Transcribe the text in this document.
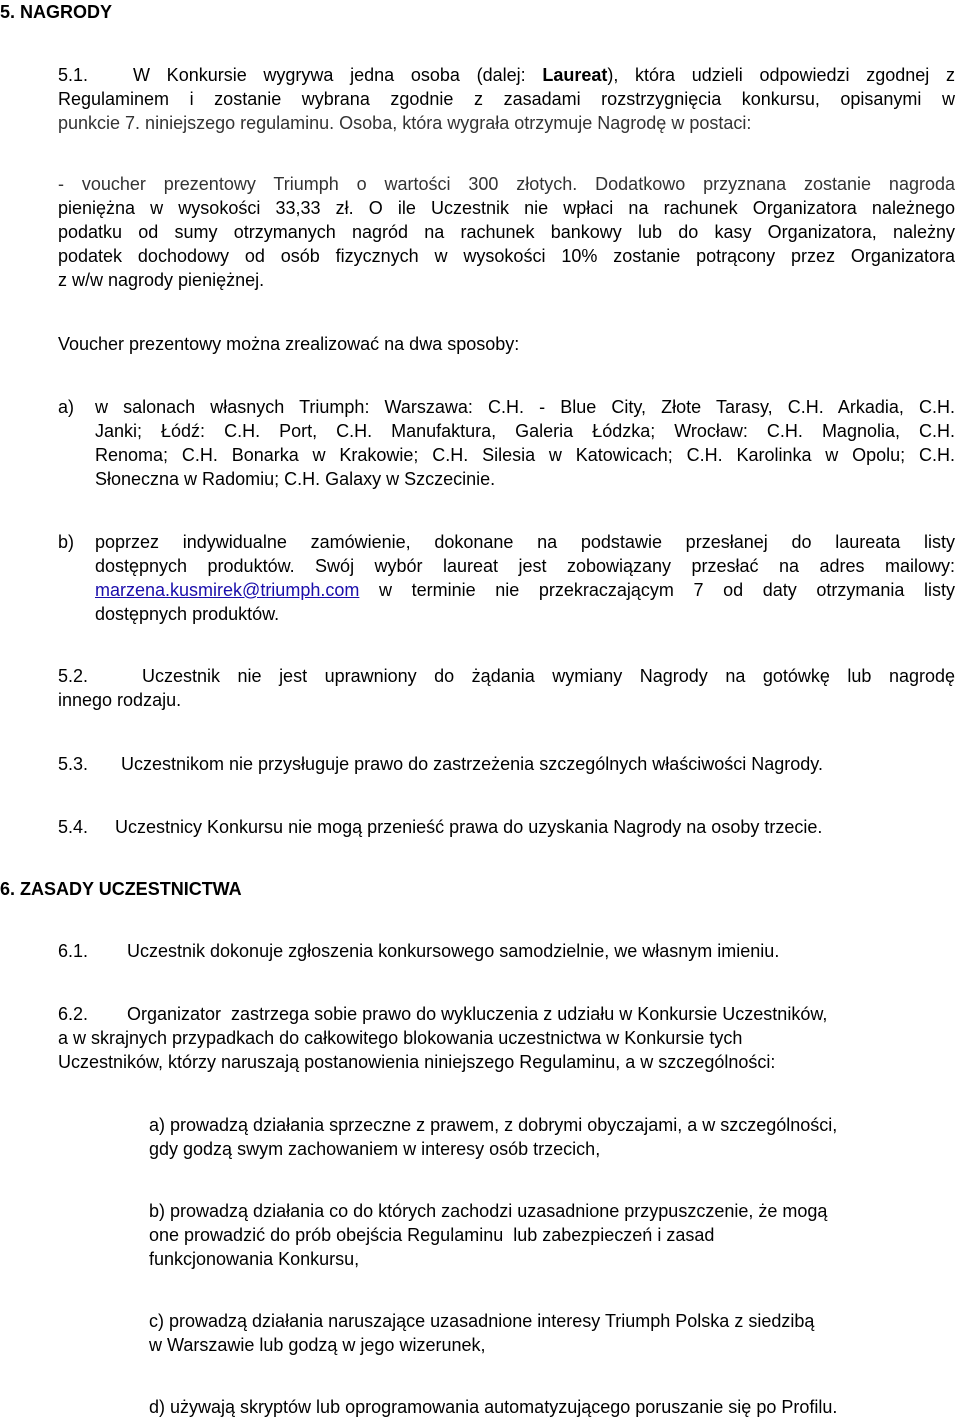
5. NAGRODY
5.1. W Konkursie wygrywa jedna osoba (dalej: Laureat), która udzieli odpowiedzi zgodnej z
Regulaminem i zostanie wybrana zgodnie z zasadami rozstrzygnięcia konkursu, opisanymi w
punkcie 7. niniejszego regulaminu. Osoba, która wygrała otrzymuje Nagrodę w postaci:
- voucher prezentowy Triumph o wartości 300 złotych. Dodatkowo przyznana zostanie nagroda
pieniężna w wysokości 33,33 zł. O ile Uczestnik nie wpłaci na rachunek Organizatora należnego
podatku od sumy otrzymanych nagród na rachunek bankowy lub do kasy Organizatora, należny
podatek dochodowy od osób fizycznych w wysokości 10% zostanie potrącony przez Organizatora
z w/w nagrody pieniężnej.
Voucher prezentowy można zrealizować na dwa sposoby:
a) w salonach własnych Triumph: Warszawa: C.H. - Blue City, Złote Tarasy, C.H. Arkadia, C.H.
Janki; Łódź: C.H. Port, C.H. Manufaktura, Galeria Łódzka; Wrocław: C.H. Magnolia, C.H.
Renoma; C.H. Bonarka w Krakowie; C.H. Silesia w Katowicach; C.H. Karolinka w Opolu; C.H.
Słoneczna w Radomiu; C.H. Galaxy w Szczecinie.
b) poprzez indywidualne zamówienie, dokonane na podstawie przesłanej do laureata listy
dostępnych produktów. Swój wybór laureat jest zobowiązany przesłać na adres mailowy:
marzena.kusmirek@triumph.com w terminie nie przekraczającym 7 od daty otrzymania listy
dostępnych produktów.
5.2.	Uczestnik nie jest uprawniony do żądania wymiany Nagrody na gotówkę lub nagrodę
innego rodzaju.
5.3. Uczestnikom nie przysługuje prawo do zastrzeżenia szczególnych właściwości Nagrody.
5.4. Uczestnicy Konkursu nie mogą przenieść prawa do uzyskania Nagrody na osoby trzecie.
6. ZASADY UCZESTNICTWA
6.1. Uczestnik dokonuje zgłoszenia konkursowego samodzielnie, we własnym imieniu.
6.2. Organizator  zastrzega sobie prawo do wykluczenia z udziału w Konkursie Uczestników,
a w skrajnych przypadkach do całkowitego blokowania uczestnictwa w Konkursie tych
Uczestników, którzy naruszają postanowienia niniejszego Regulaminu, a w szczególności:
a) prowadzą działania sprzeczne z prawem, z dobrymi obyczajami, a w szczególności,
gdy godzą swym zachowaniem w interesy osób trzecich,
b) prowadzą działania co do których zachodzi uzasadnione przypuszczenie, że mogą
one prowadzić do prób obejścia Regulaminu  lub zabezpieczeń i zasad
funkcjonowania Konkursu,
c) prowadzą działania naruszające uzasadnione interesy Triumph Polska z siedzibą
w Warszawie lub godzą w jego wizerunek,
d) używają skryptów lub oprogramowania automatyzującego poruszanie się po Profilu.
